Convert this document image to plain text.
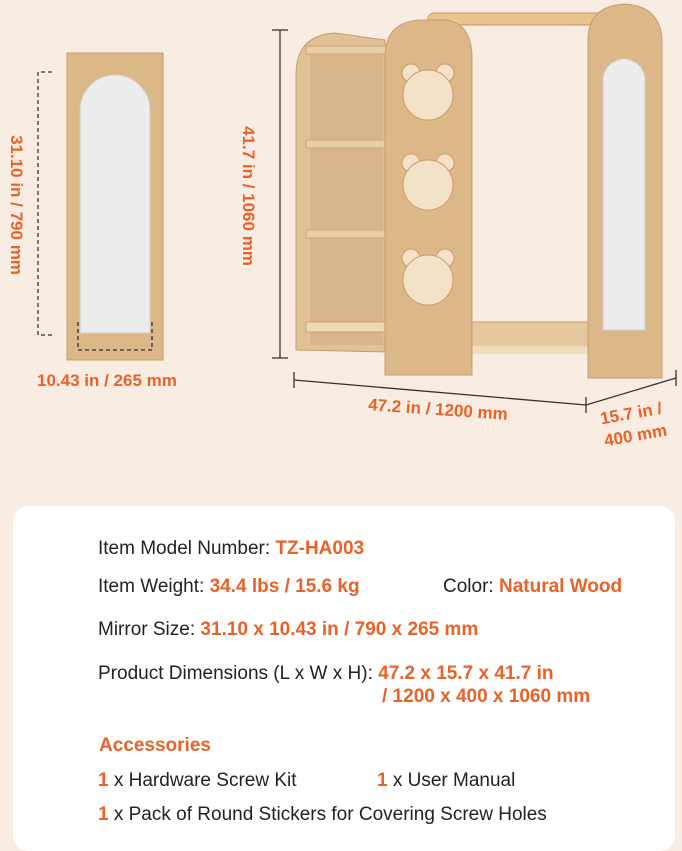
31.10 in / 790 mm
10.43 in / 265 mm
41.7 in / 1060 mm
47.2 in / 1200 mm	15.7 in /
400 mm
Item Model Number: TZ-HA003
Item Weight: 34.4 lbs / 15.6 kg	Color: Natural Wood
Mirror Size: 31.10 x 10.43 in / 790 x 265 mm
Product Dimensions (L x W x H): 47.2 x 15.7 x 41.7 in
/ 1200 x 400 x 1060 mm
Accessories
1 x Hardware Screw Kit	1 x User Manual
1 x Pack of Round Stickers for Covering Screw Holes
